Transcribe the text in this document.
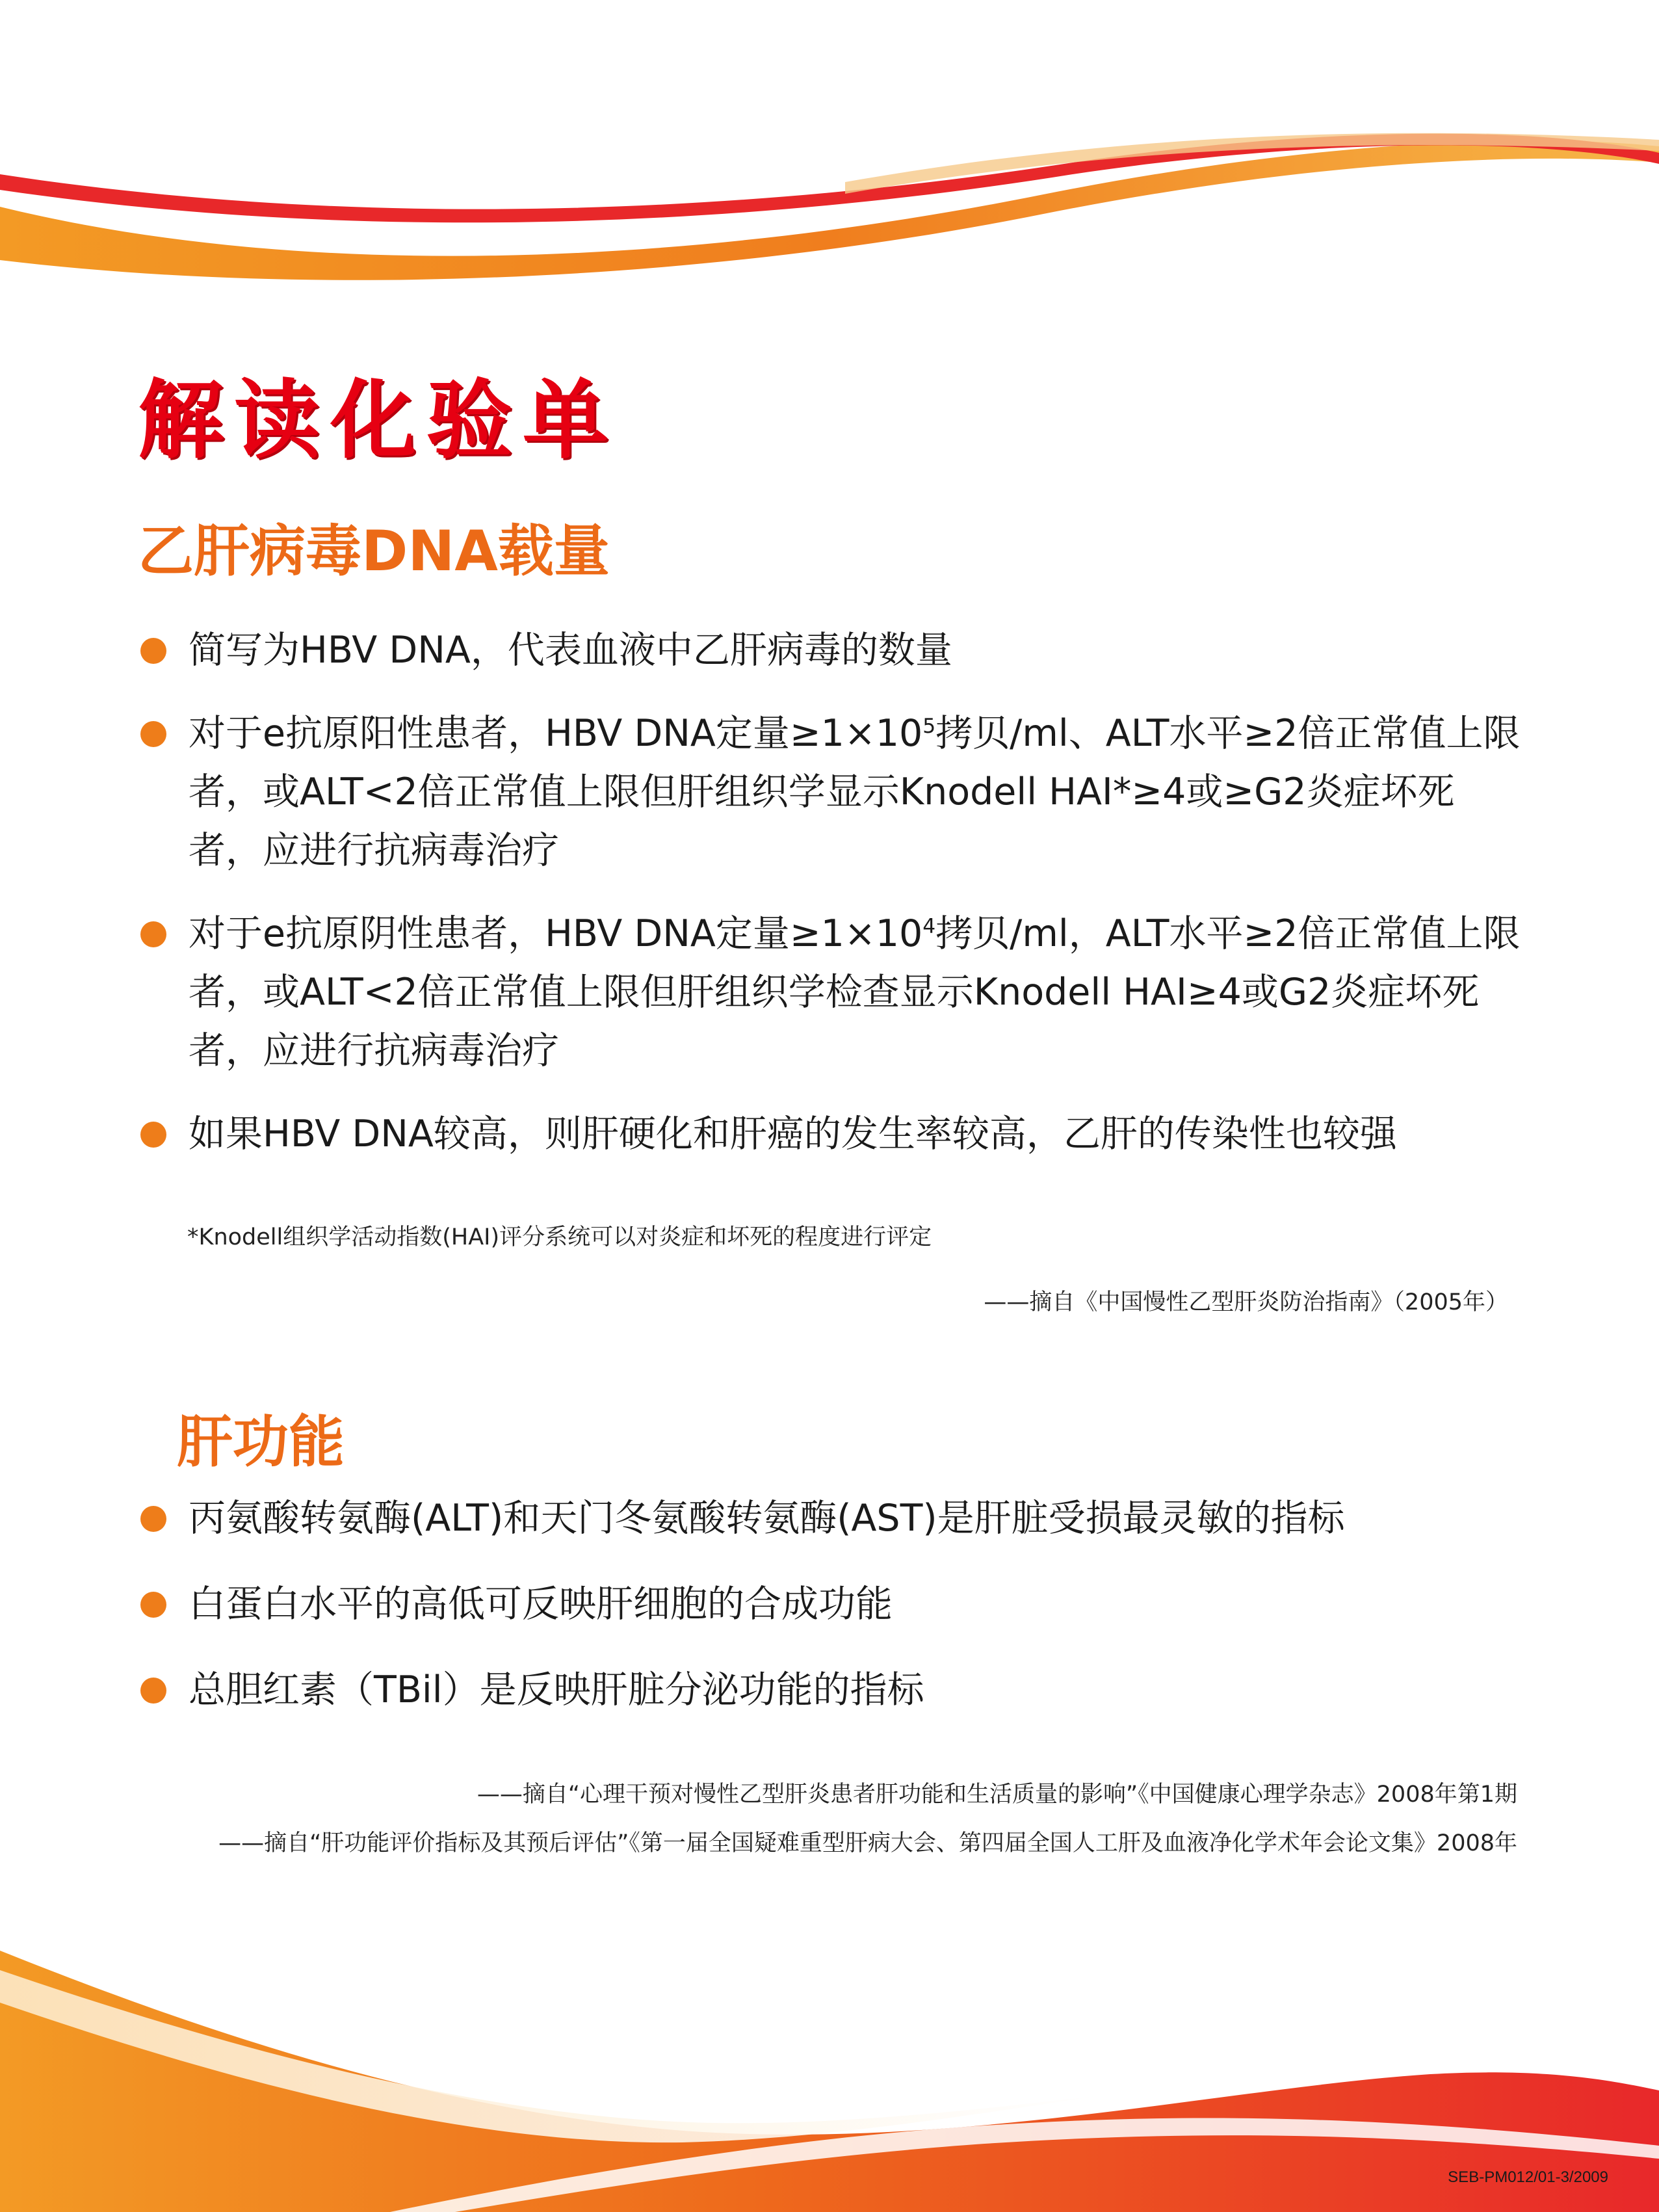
解读化验单
乙肝病毒DNA载量
简写为HBV DNA，代表血液中乙肝病毒的数量
对于e抗原阳性患者，HBV DNA定量$\ge 1\times 10^5$拷贝/ml、ALT水平≥2倍正常值上限者，或ALT<2倍正常值上限但肝组织学显示Knodell HAI*≥4或≥G2炎症坏死者，应进行抗病毒治疗
对于e抗原阴性患者，HBV DNA定量$\ge 1\times 10^4$拷贝/ml，ALT水平≥2倍正常值上限者，或ALT<2倍正常值上限但肝组织学检查显示Knodell HAI≥4或G2炎症坏死者，应进行抗病毒治疗
如果HBV DNA较高，则肝硬化和肝癌的发生率较高，乙肝的传染性也较强

*Knodell组织学活动指数(HAI)评分系统可以对炎症和坏死的程度进行评定

——摘自《中国慢性乙型肝炎防治指南》（2005年）

肝功能
丙氨酸转氨酶(ALT)和天门冬氨酸转氨酶(AST)是肝脏受损最灵敏的指标
白蛋白水平的高低可反映肝细胞的合成功能
总胆红素（TBil）是反映肝脏分泌功能的指标

——摘自“心理干预对慢性乙型肝炎患者肝功能和生活质量的影响”《中国健康心理学杂志》2008年第1期

——摘自“肝功能评价指标及其预后评估”《第一届全国疑难重型肝病大会、第四届全国人工肝及血液净化学术年会论文集》2008年

SEB-PM012/01-3/2009
